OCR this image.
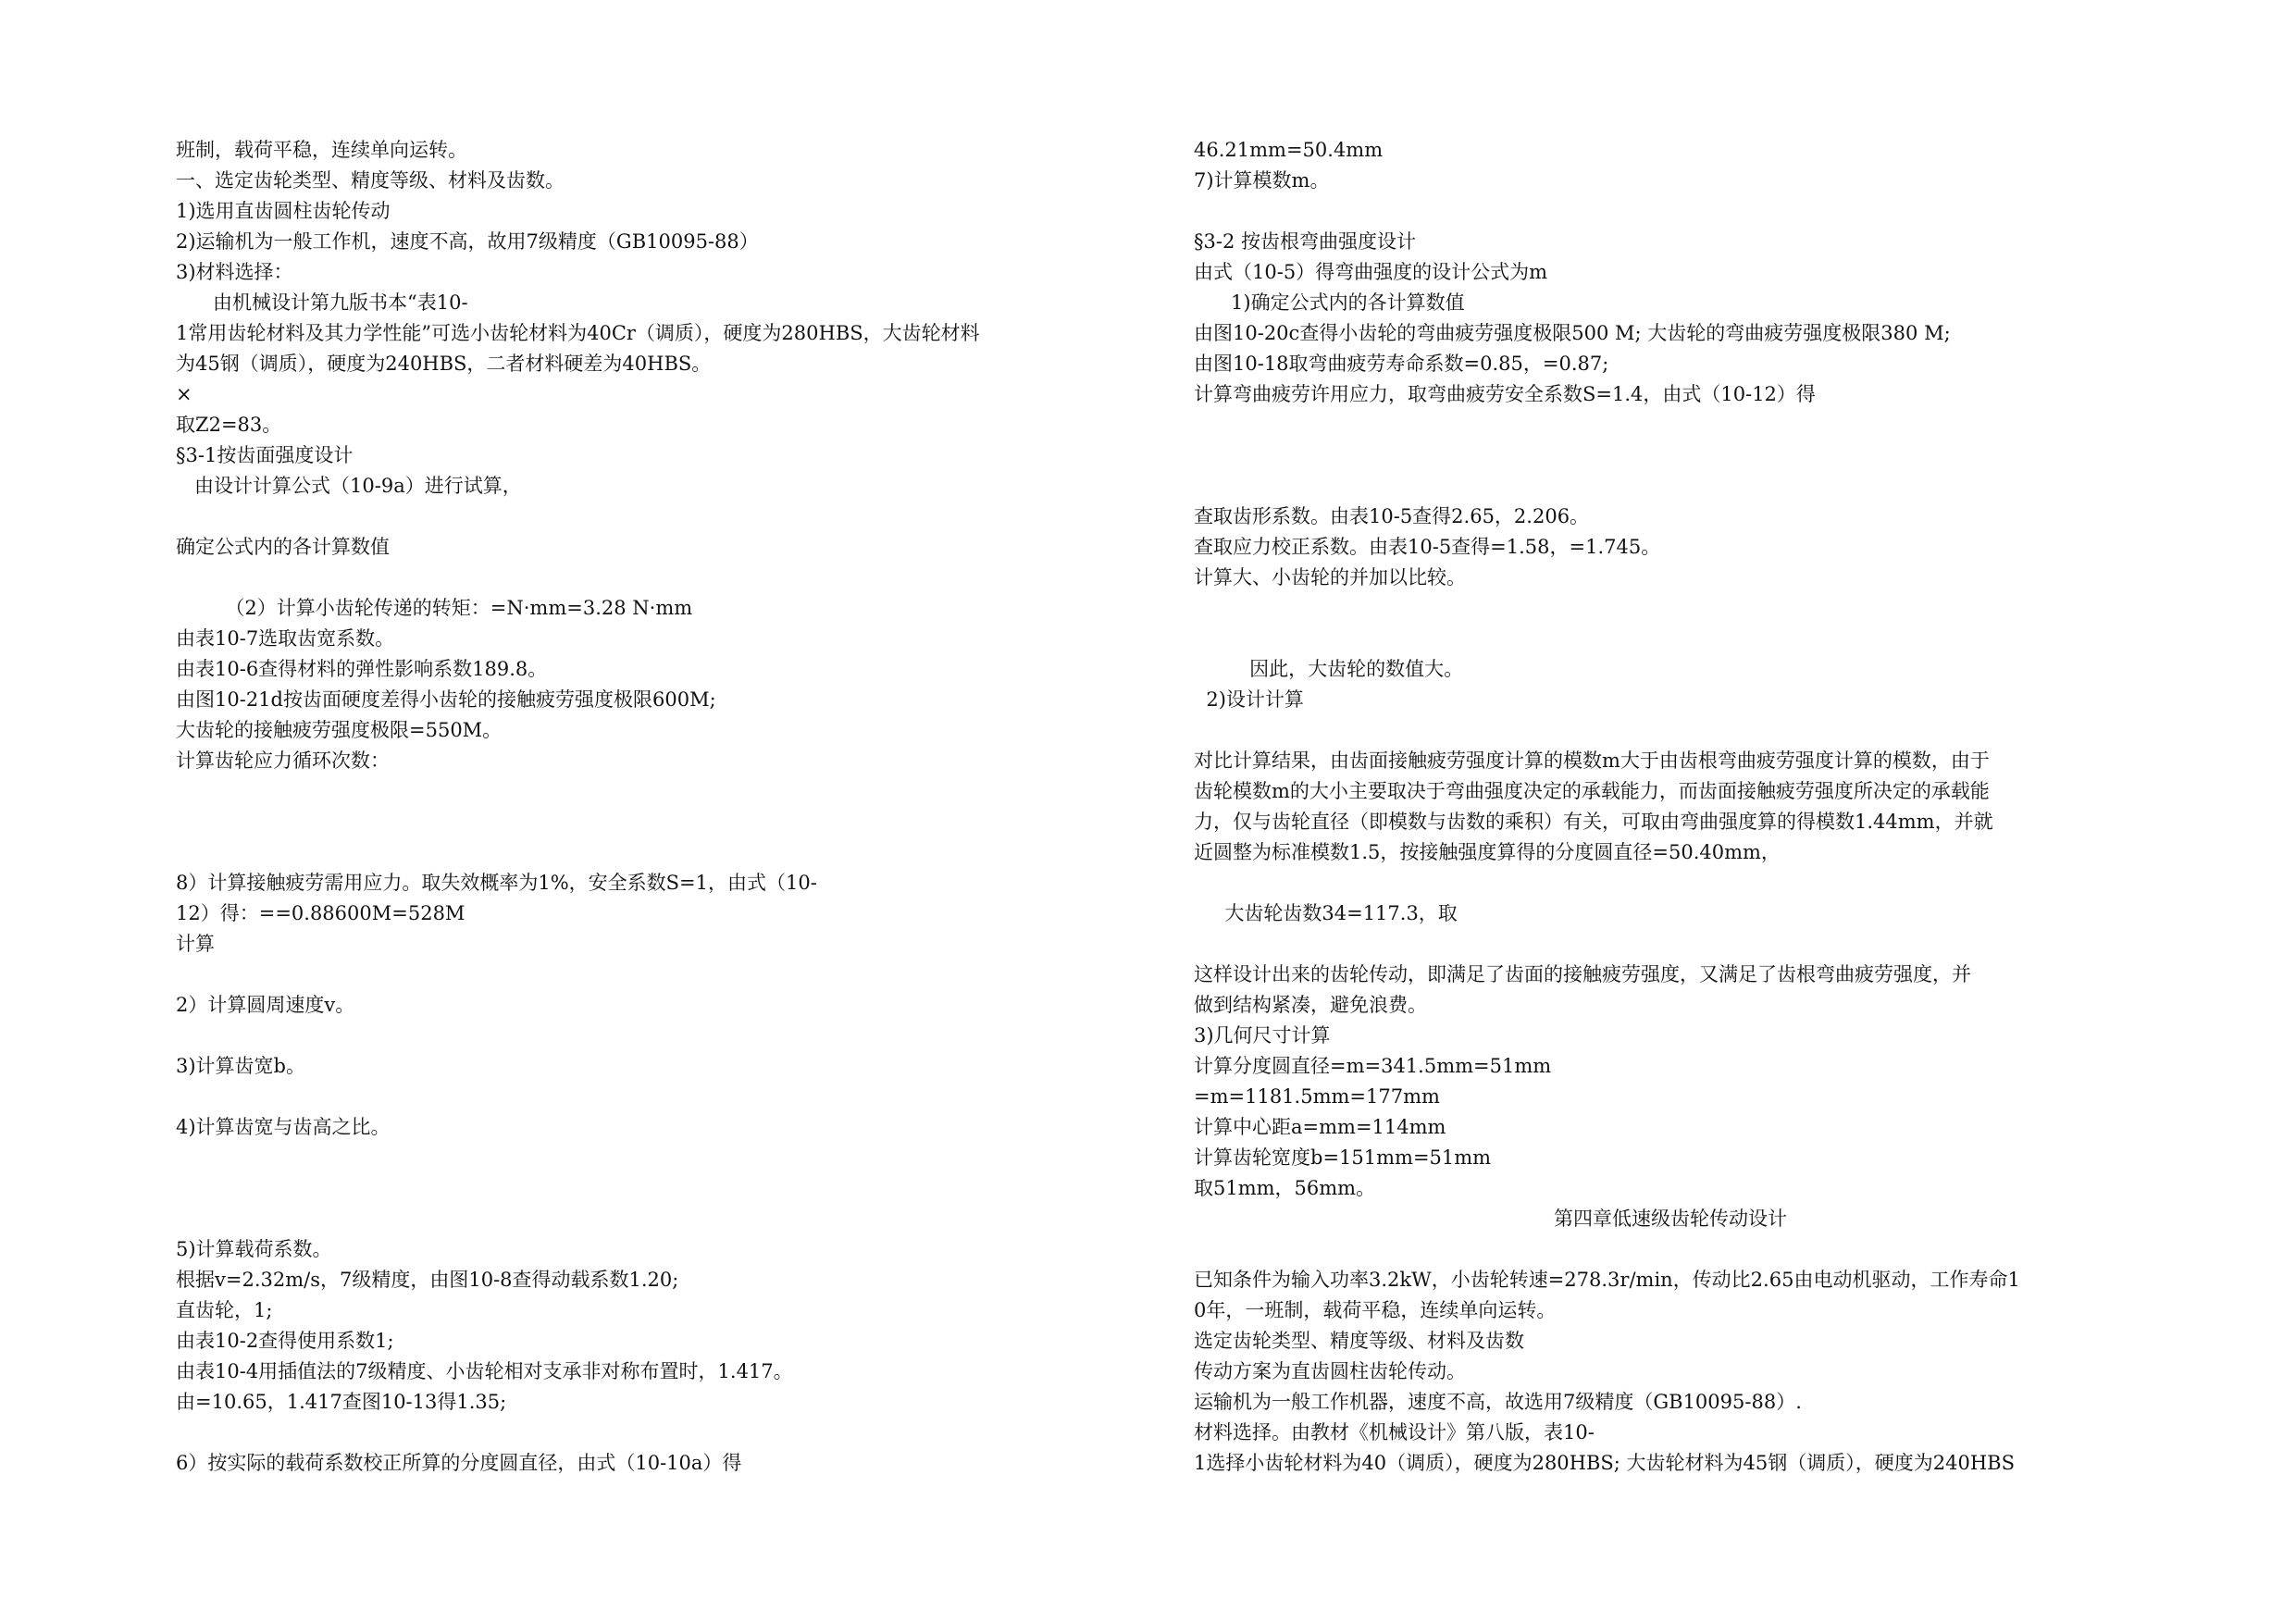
班制，载荷平稳，连续单向运转。
一、选定齿轮类型、精度等级、材料及齿数。
1)选用直齿圆柱齿轮传动
2)运输机为一般工作机，速度不高，故用7级精度（GB10095-88）
3)材料选择：
由机械设计第九版书本“表10-
1常用齿轮材料及其力学性能”可选小齿轮材料为40Cr（调质），硬度为280HBS，大齿轮材料
为45钢（调质），硬度为240HBS，二者材料硬差为40HBS。
×
取Z2=83。
§3-1按齿面强度设计
由设计计算公式（10-9a）进行试算，
确定公式内的各计算数值
（2）计算小齿轮传递的转矩：=N·mm=3.28 N·mm
由表10-7选取齿宽系数。
由表10-6查得材料的弹性影响系数189.8。
由图10-21d按齿面硬度差得小齿轮的接触疲劳强度极限600M;
大齿轮的接触疲劳强度极限=550M。
计算齿轮应力循环次数：
8）计算接触疲劳需用应力。取失效概率为1%，安全系数S=1，由式（10-
12）得：==0.88600M=528M
计算
2）计算圆周速度v。
3)计算齿宽b。
4)计算齿宽与齿高之比。
5)计算载荷系数。
根据v=2.32m/s，7级精度，由图10-8查得动载系数1.20;
直齿轮，1;
由表10-2查得使用系数1;
由表10-4用插值法的7级精度、小齿轮相对支承非对称布置时，1.417。
由=10.65，1.417查图10-13得1.35;
6）按实际的载荷系数校正所算的分度圆直径，由式（10-10a）得
46.21mm=50.4mm
7)计算模数m。
§3-2 按齿根弯曲强度设计
由式（10-5）得弯曲强度的设计公式为m
1)确定公式内的各计算数值
由图10-20c查得小齿轮的弯曲疲劳强度极限500 M; 大齿轮的弯曲疲劳强度极限380 M;
由图10-18取弯曲疲劳寿命系数=0.85，=0.87;
计算弯曲疲劳许用应力，取弯曲疲劳安全系数S=1.4，由式（10-12）得
查取齿形系数。由表10-5查得2.65，2.206。
查取应力校正系数。由表10-5查得=1.58，=1.745。
计算大、小齿轮的并加以比较。
因此，大齿轮的数值大。
2)设计计算
对比计算结果，由齿面接触疲劳强度计算的模数m大于由齿根弯曲疲劳强度计算的模数，由于
齿轮模数m的大小主要取决于弯曲强度决定的承载能力，而齿面接触疲劳强度所决定的承载能
力，仅与齿轮直径（即模数与齿数的乘积）有关，可取由弯曲强度算的得模数1.44mm，并就
近圆整为标准模数1.5，按接触强度算得的分度圆直径=50.40mm，
大齿轮齿数34=117.3，取
这样设计出来的齿轮传动，即满足了齿面的接触疲劳强度，又满足了齿根弯曲疲劳强度，并
做到结构紧凑，避免浪费。
3)几何尺寸计算
计算分度圆直径=m=341.5mm=51mm
=m=1181.5mm=177mm
计算中心距a=mm=114mm
计算齿轮宽度b=151mm=51mm
取51mm，56mm。
第四章低速级齿轮传动设计
已知条件为输入功率3.2kW，小齿轮转速=278.3r/min，传动比2.65由电动机驱动，工作寿命1
0年，一班制，载荷平稳，连续单向运转。
选定齿轮类型、精度等级、材料及齿数
传动方案为直齿圆柱齿轮传动。
运输机为一般工作机器，速度不高，故选用7级精度（GB10095-88）.
材料选择。由教材《机械设计》第八版，表10-
1选择小齿轮材料为40（调质），硬度为280HBS; 大齿轮材料为45钢（调质），硬度为240HBS
